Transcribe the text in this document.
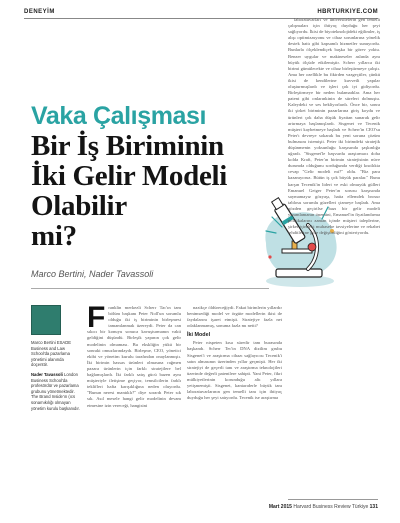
DENEYİM	HBRTURKIYE.COM
Vaka Çalışması
Bir İş Biriminin
İki Gelir Modeli
Olabilir
mi?
Marco Bertini, Nader Tavassoli
Marco Bertini ESADE Business and Law School'da pazarlama yönetimi alanında doçenttir.
Nader Tavassoli London Business School'da profesördür ve pazarlama grubunu yönetmektedir. The Brand Inside'ın (ıcs sonamıkılığı olmayan yönetim kurulu başkanıdır.
F ranklin merkezli Scherr Tac'ın tam bölüm başkanı Peter Noll'un sorumlu olduğu iki iş biriminin birleşmesi tamamlanmak üzereydi. Peter da can sıkıcı bir konuyu sonuca kavuşturmanın vakti geldiğini düşündü. Birleşik yapının çok gelir modelinin olmaması. Bu ekskliğin yükü bir sonraki omuzlarındaydı. Birleşme, CEO, yönetici ekibi ve yönetim kurulu tarafından onaylanmıştı. İki birimin hassas ürünleri olmasına rağmen pazara ürünlerin için farklı stratejilere bel bağlamışlardı. İki farklı satış gücü bazen aynı müşteriyle iletişime geçiyor, temsilcilerin farklı teklifleri hafta karışıklığına neden oluyordu. "Bunun neresi mantıklı?" diye sorardı Peter sık sık. Asıl mesele hangi gelir modelinin devam etmesine izin vereceği, hangisini

nazikçe öldüreceğiydi. Fakat birimlerin yıllardır benimsediği model ve örgüte modellerin ikisi de faydalarını işaret etmişti. Stratejiye fazla net odaklanmamış, sonuma fazla mı netti?

İki Model

Peter nispeten kısa süredir tam burasında başkandı. Scherr Tec'in DNA dizilim grubu Sisgenet'i ve araştırma cihazı sağlayıcısı Tecenik'i satın almasının üzerinden yıllar geçmişti. Her iki stratejiyi de geçerli tanı ve araştırma teknolojileri üzerinde değerli patentlere sahipti. Yani Peter, fikri mülkiyetlerinin korunduğu altı yıllara yetişmemişti. Sisgenet, kantarıderle büyük tanı laboratuvarlarının gen temelli tanı için ihtiyaç duyduğu her şeyi satıyordu. Tecenik ise araştırma

laboratuvarları ve üniversitelerin gen temelli çalışmaları için ihtiyaç duyduğu her şeyi sağlıyordu. İkisi de biyoteknolojideki eğilimler, iş alışı optimizasyonu ve cihaz sorunlarına yönelik destek hattı gibi kapsamlı hizmetler sunuyordu. Bunlarla ölçeklendiçek başka bir görev yoktu. Benzer uygular ve makineseler aslında aynı büyük ölçüde etkilemiştir. Scherr yıllarca iki birimi gümülecekte ve cihaz birleştirmeye çalıştı. Ama her ozellikle bu fikirden vazgeçtiler, çünkü ikisi de kendilerine kuvvetli yapılar oluşturmuşlardı ve işleri çok iyi gidiyordu. Birleştirmeye bir neden bulamadılar. Ama her patent gibi onlarınkinin de süreleri dolmuştu. Kaleydeki ve ses bekliyorlardı. Önce bir, sonra iki şirket biriminin pazarlarına giriş koydu ve ürünleri çok daha düşük fiyattan sunarak gelir artırmaya başlamışlardı. Sisgenet ve Tecenik müşteri kaybetmeye başladı ve Scherr'in CEO'su Peter'ı devreye sokarak bu yeni soruna çözüm bulmasını istemişti. Peter iki birimdeki stratejik düşünmenin yoksunluğu karşısında şaşkınlığa uğradı. "Sisgenet'le başvurdu araştırmacı doha kolda Kraft, Peter'ın birimin stratejisinin nüve durumda olduğunu sorduğunda verdiği kısıtlıkta cevap "Gelir modeli mi?" oldu. "Biz para kazanıyoruz. Bütün iş çok büyük paralar." Bunu karşın Tecenik'in lideri ve eski olmuyük gülleri Emanuel Geiger Peter'ın sorusu karşısında saymamayız gözyaşı, hatta ellemdek brosur tablosu sorumlu güzelleri çizmeye başladı. Ama gözden geçirilse bazı bir gelir modeli yanımlamanın önemini, Emanuel'in fiyatlandırma politikalarını zaman içinde müşteri taleplerine, şirket içindeki muhasebe tavsiyelerine ve rekabet tehditlerine göre değiştirdiğini gösteriyordu.

Mart 2015 Harvard Business Review Türkiye 131
